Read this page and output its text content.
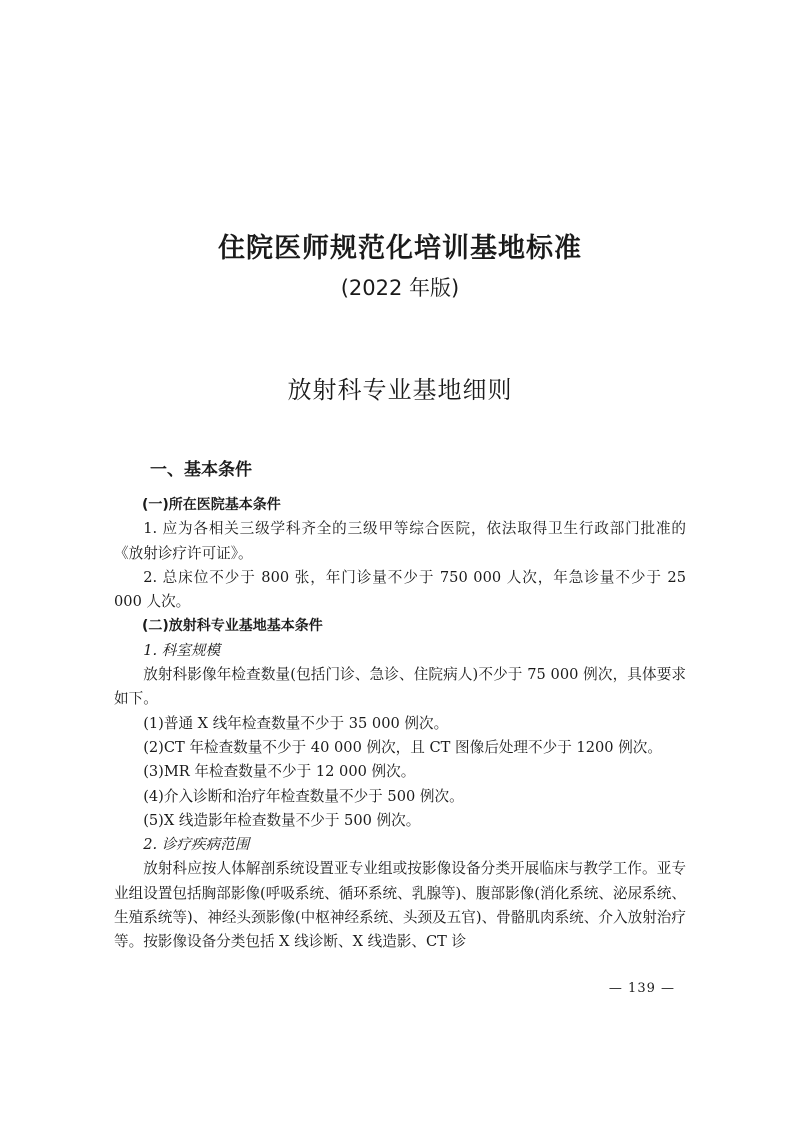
住院医师规范化培训基地标准
(2022 年版)
放射科专业基地细则
一、基本条件

(一)所在医院基本条件

1. 应为各相关三级学科齐全的三级甲等综合医院，依法取得卫生行政部门批准的《放射诊疗许可证》。

2. 总床位不少于 800 张，年门诊量不少于 750 000 人次，年急诊量不少于 25 000 人次。

(二)放射科专业基地基本条件

1. 科室规模

放射科影像年检查数量(包括门诊、急诊、住院病人)不少于 75 000 例次，具体要求如下。

(1)普通 X 线年检查数量不少于 35 000 例次。

(2)CT 年检查数量不少于 40 000 例次，且 CT 图像后处理不少于 1200 例次。

(3)MR 年检查数量不少于 12 000 例次。

(4)介入诊断和治疗年检查数量不少于 500 例次。

(5)X 线造影年检查数量不少于 500 例次。

2. 诊疗疾病范围

放射科应按人体解剖系统设置亚专业组或按影像设备分类开展临床与教学工作。亚专业组设置包括胸部影像(呼吸系统、循环系统、乳腺等)、腹部影像(消化系统、泌尿系统、生殖系统等)、神经头颈影像(中枢神经系统、头颈及五官)、骨骼肌肉系统、介入放射治疗等。按影像设备分类包括 X 线诊断、X 线造影、CT 诊

— 139 —
